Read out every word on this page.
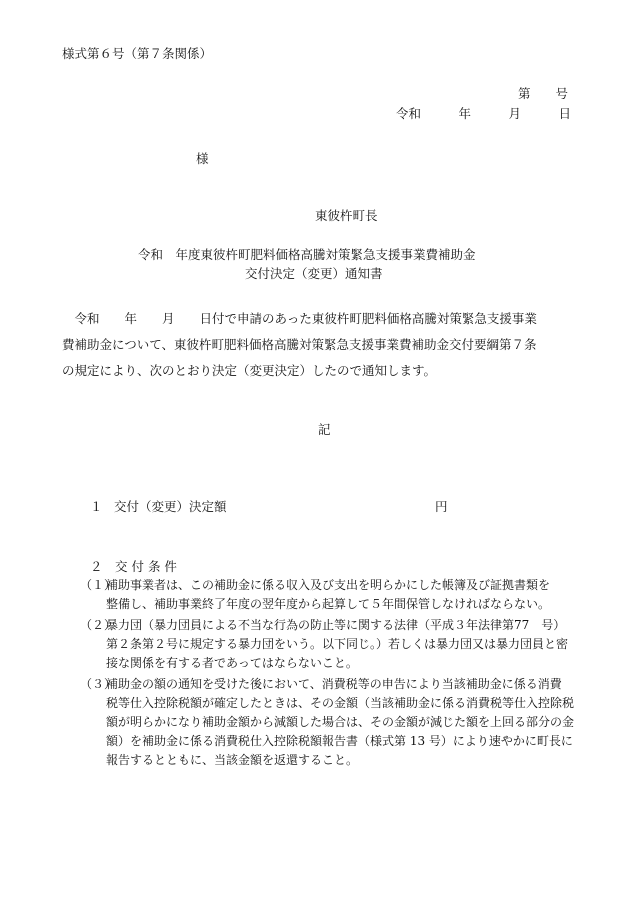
様式第６号（第７条関係）
第　　号
令和　　　年　　　月　　　日
様
東彼杵町長
令和　年度東彼杵町肥料価格高騰対策緊急支援事業費補助金
交付決定（変更）通知書
令和　　年　　月　　日付で申請のあった東彼杵町肥料価格高騰対策緊急支援事業
費補助金について、東彼杵町肥料価格高騰対策緊急支援事業費補助金交付要綱第７条
の規定により、次のとおり決定（変更決定）したので通知します。
記
１ 交付（変更）決定額	円
２　交 付 条 件
（１）
補助事業者は、この補助金に係る収入及び支出を明らかにした帳簿及び証拠書類を
整備し、補助事業終了年度の翌年度から起算して５年間保管しなければならない。
（２）
暴力団（暴力団員による不当な行為の防止等に関する法律（平成３年法律第77　号）
第２条第２号に規定する暴力団をいう。以下同じ。）若しくは暴力団又は暴力団員と密
接な関係を有する者であってはならないこと。
（３）
補助金の額の通知を受けた後において、消費税等の申告により当該補助金に係る消費
税等仕入控除税額が確定したときは、その金額（当該補助金に係る消費税等仕入控除税
額が明らかになり補助金額から減額した場合は、その金額が減じた額を上回る部分の金
額）を補助金に係る消費税仕入控除税額報告書（様式第 13 号）により速やかに町長に
報告するとともに、当該金額を返還すること。
